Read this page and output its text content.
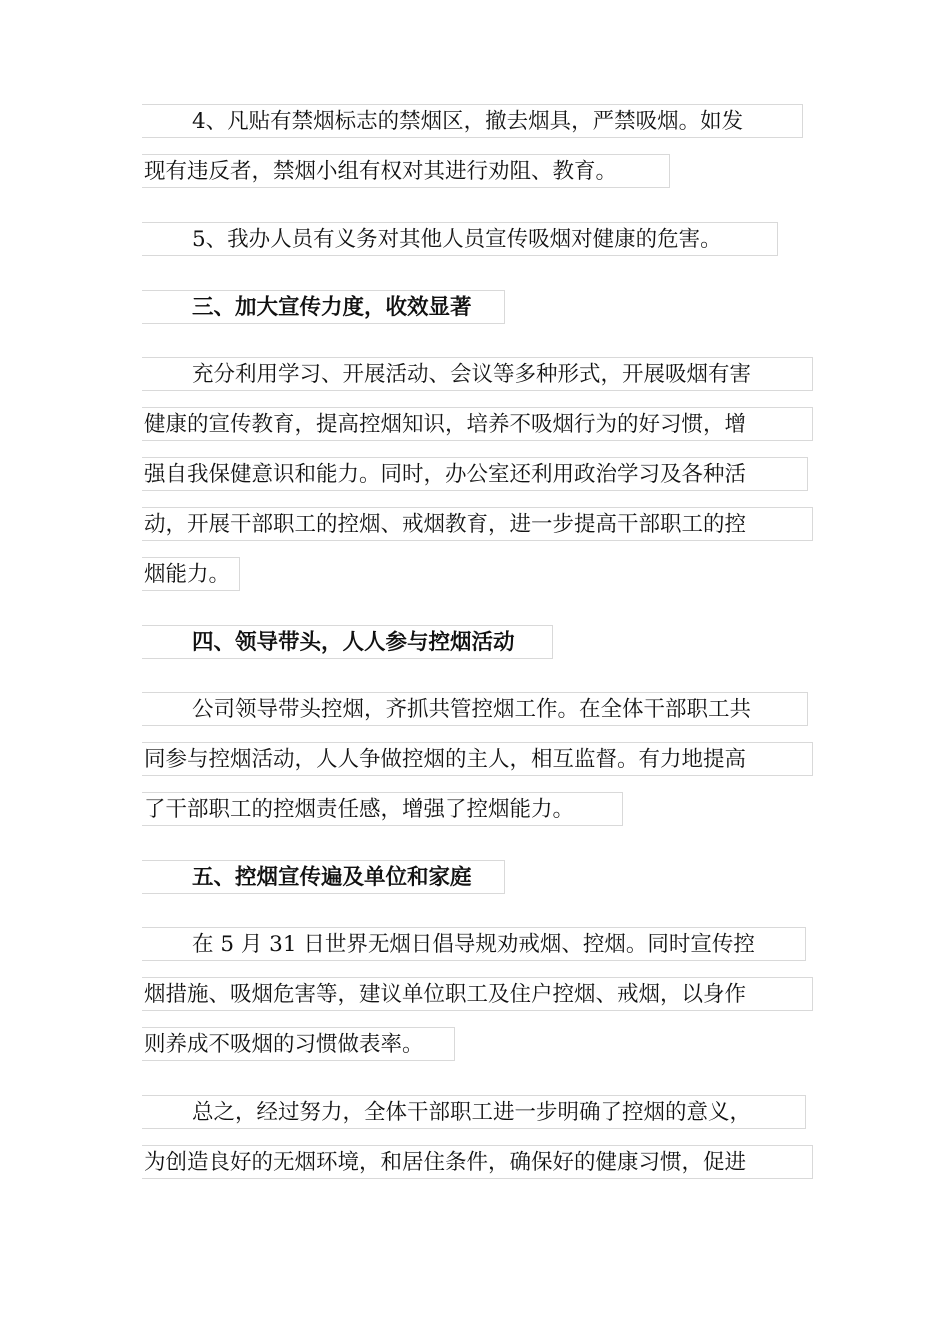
4、凡贴有禁烟标志的禁烟区，撤去烟具，严禁吸烟。如发
现有违反者，禁烟小组有权对其进行劝阻、教育。
5、我办人员有义务对其他人员宣传吸烟对健康的危害。
三、加大宣传力度，收效显著
充分利用学习、开展活动、会议等多种形式，开展吸烟有害
健康的宣传教育，提高控烟知识，培养不吸烟行为的好习惯，增
强自我保健意识和能力。同时，办公室还利用政治学习及各种活
动，开展干部职工的控烟、戒烟教育，进一步提高干部职工的控
烟能力。
四、领导带头，人人参与控烟活动
公司领导带头控烟，齐抓共管控烟工作。在全体干部职工共
同参与控烟活动，人人争做控烟的主人，相互监督。有力地提高
了干部职工的控烟责任感，增强了控烟能力。
五、控烟宣传遍及单位和家庭
在 5 月 31 日世界无烟日倡导规劝戒烟、控烟。同时宣传控
烟措施、吸烟危害等，建议单位职工及住户控烟、戒烟，以身作
则养成不吸烟的习惯做表率。
总之，经过努力，全体干部职工进一步明确了控烟的意义，
为创造良好的无烟环境，和居住条件，确保好的健康习惯，促进
